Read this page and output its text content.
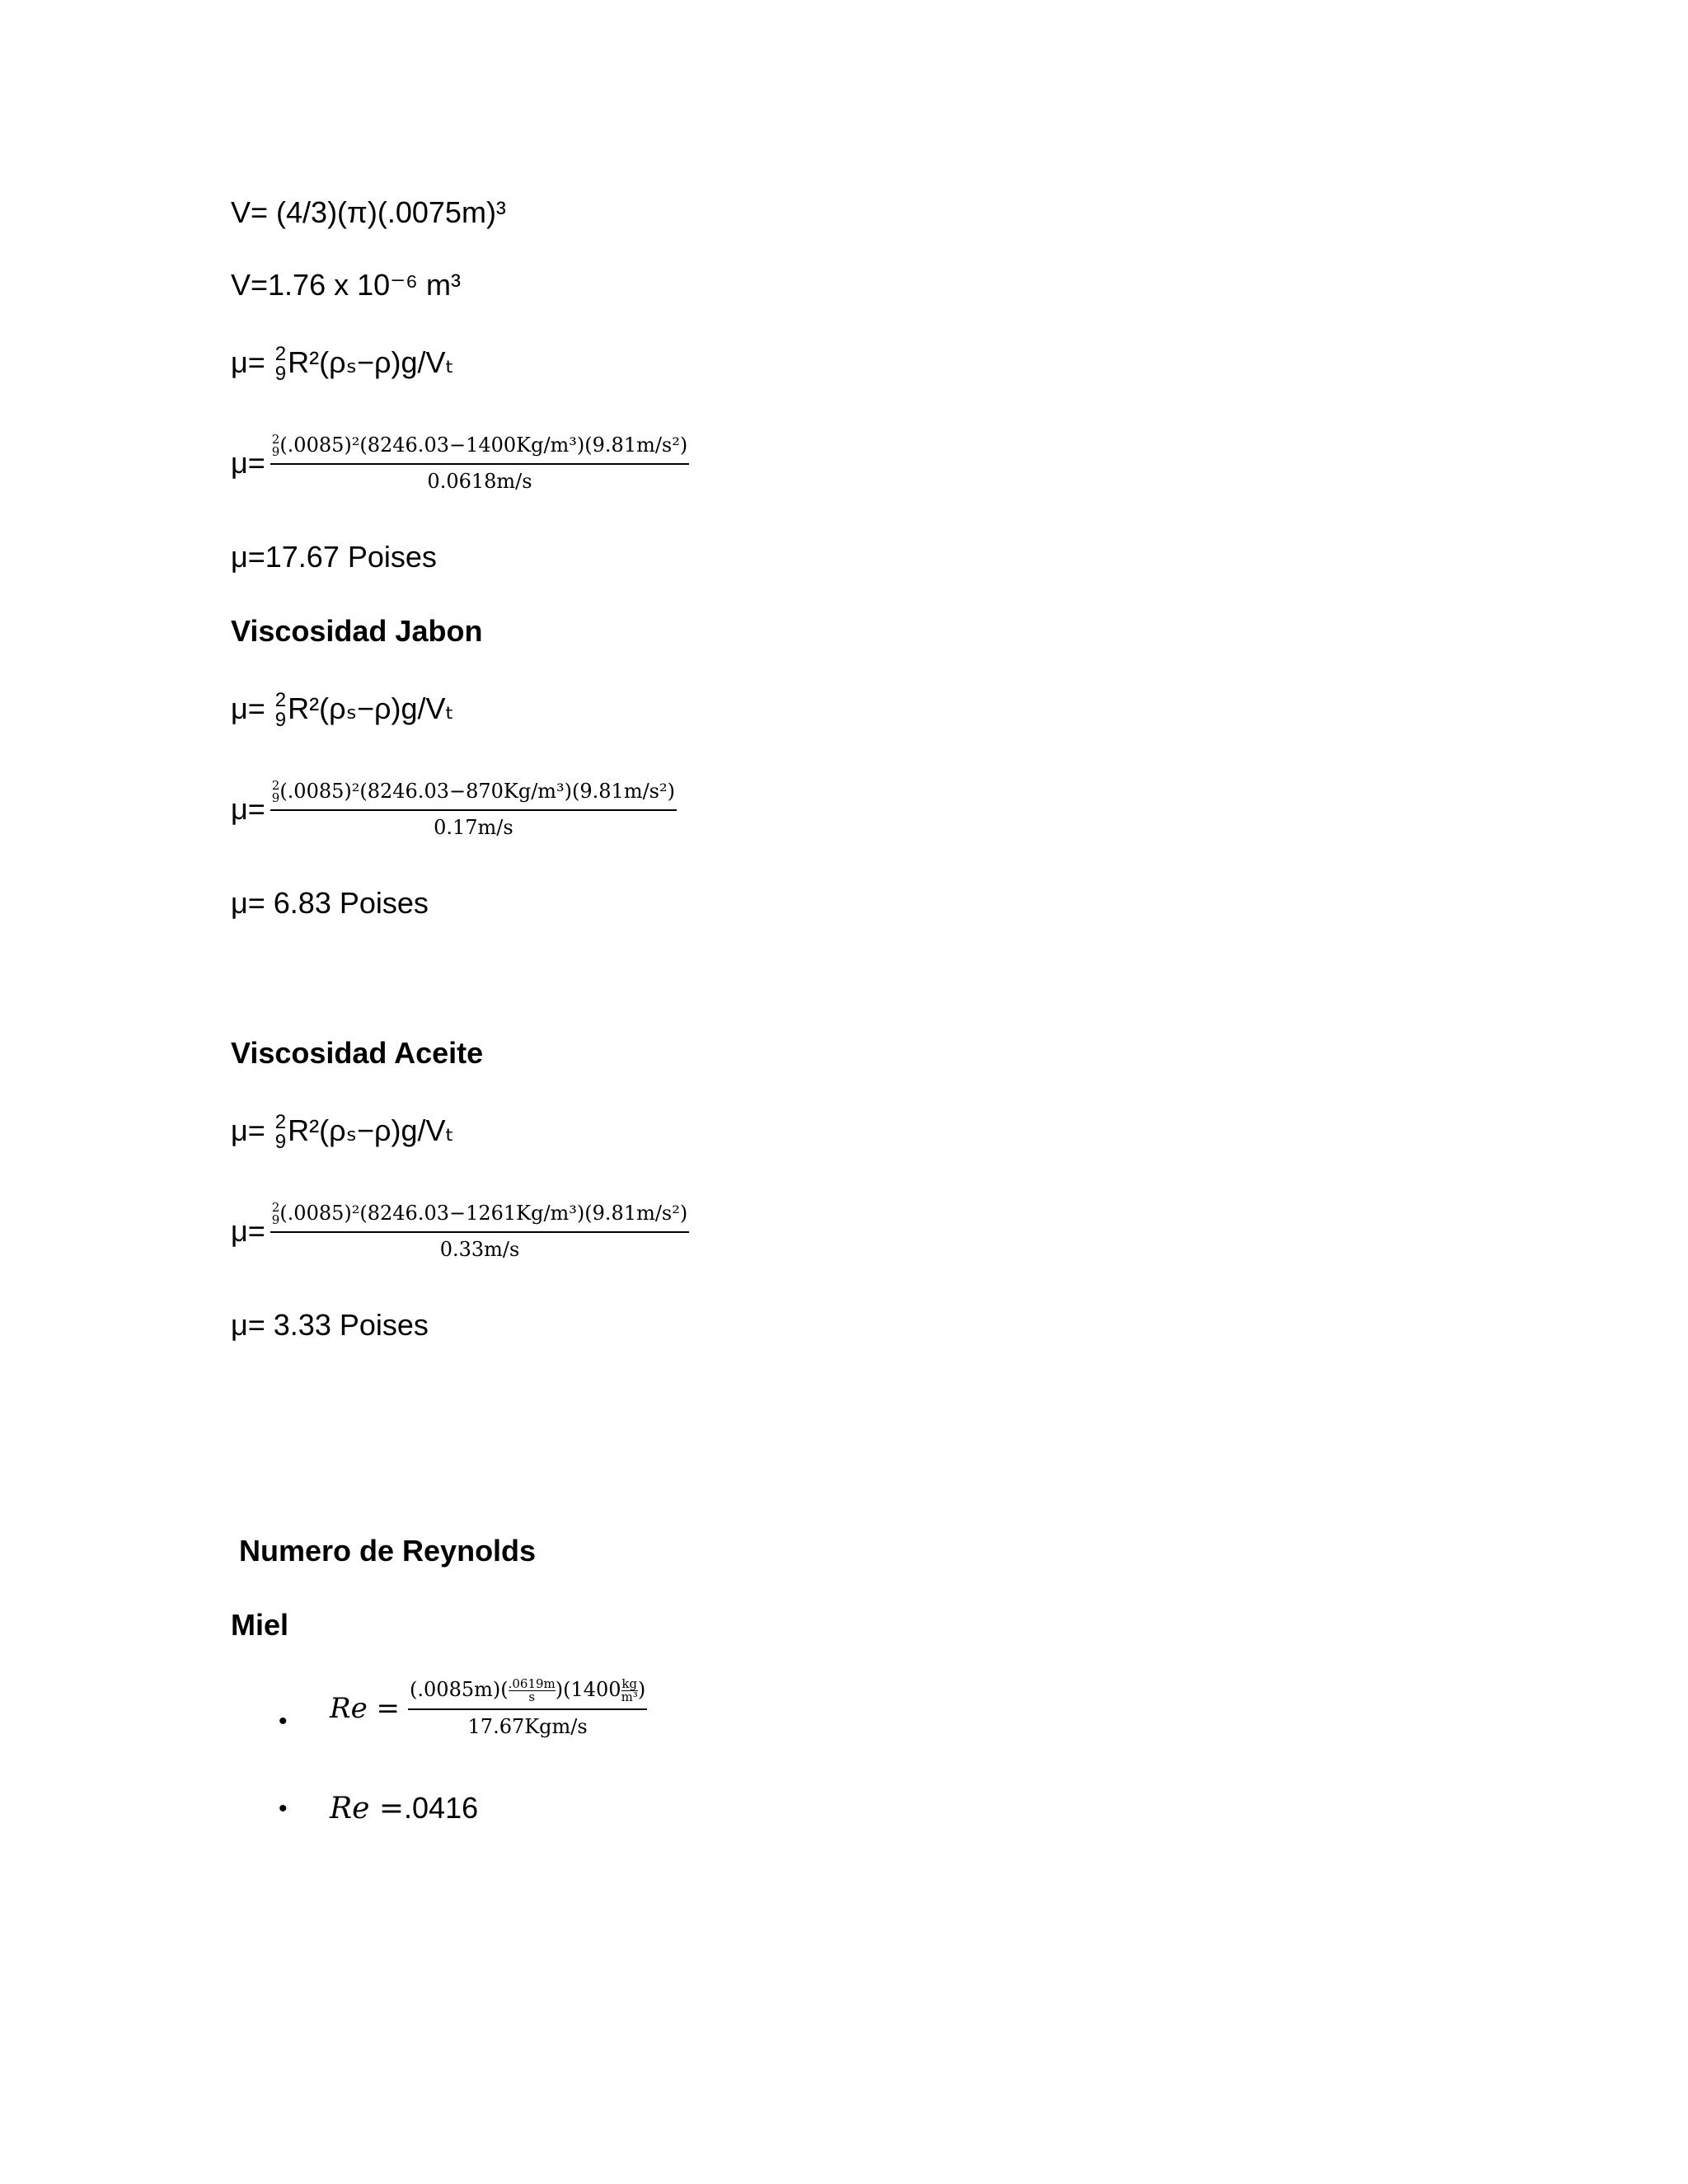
V= (4/3)(π)(.0075m)³
V=1.76 x 10⁻⁶ m³
μ= 2
9 R²(ρₛ−ρ)g/Vₜ
μ= 2
9 (.0085)²(8246.03−1400Kg/m³)(9.81m/s²)
0.0618m/s
μ=17.67 Poises
Viscosidad Jabon
μ= 2
9 R²(ρₛ−ρ)g/Vₜ
μ= 2
9 (.0085)²(8246.03−870Kg/m³)(9.81m/s²)
0.17m/s
μ= 6.83 Poises
Viscosidad Aceite
μ= 2
9 R²(ρₛ−ρ)g/Vₜ
μ= 2
9 (.0085)²(8246.03−1261Kg/m³)(9.81m/s²)
0.33m/s
μ= 3.33 Poises
Numero de Reynolds
Miel
• $Re = \frac{(.0085m)( \frac{.0619m}{s} )(1400 \frac{kg}{\text{m³}} )}{\text{17.67Kgm/s}}$
• Re =.0416
